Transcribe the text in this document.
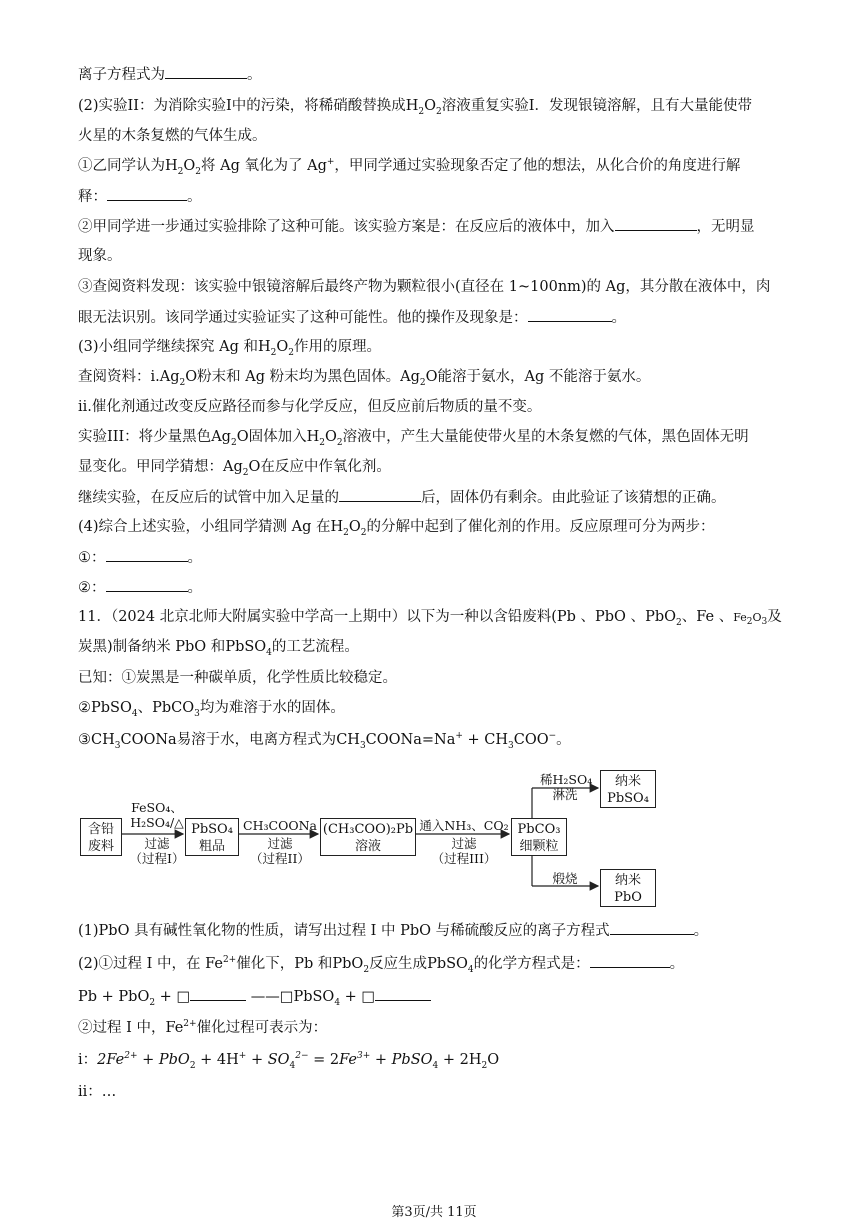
离子方程式为	。
(2)实验II：为消除实验I中的污染，将稀硝酸替换成$H_2O_2$溶液重复实验I．发现银镜溶解，且有大量能使带
火星的木条复燃的气体生成。
①乙同学认为$H_2O_2$将 Ag 氧化为了 Ag+，甲同学通过实验现象否定了他的想法，从化合价的角度进行解
释：	。
②甲同学进一步通过实验排除了这种可能。该实验方案是：在反应后的液体中，加入	，无明显
现象。
③查阅资料发现：该实验中银镜溶解后最终产物为颗粒很小(直径在 1~100nm)的 Ag，其分散在液体中，肉
眼无法识别。该同学通过实验证实了这种可能性。他的操作及现象是：	。
(3)小组同学继续探究 Ag 和$H_2O_2$作用的原理。
查阅资料：$i.Ag_2O$粉末和 Ag 粉末均为黑色固体。$Ag_2O$能溶于氨水，Ag 不能溶于氨水。
ii.催化剂通过改变反应路径而参与化学反应，但反应前后物质的量不变。
实验III：将少量黑色$Ag_2O$固体加入$H_2O_2$溶液中，产生大量能使带火星的木条复燃的气体，黑色固体无明
显变化。甲同学猜想：$Ag_2O$在反应中作氧化剂。
继续实验，在反应后的试管中加入足量的	后，固体仍有剩余。由此验证了该猜想的正确。
(4)综合上述实验，小组同学猜测 Ag 在$H_2O_2$的分解中起到了催化剂的作用。反应原理可分为两步：
①：	。
②：	。
11．（2024 北京北师大附属实验中学高一上期中）以下为一种以含铅废料(Pb 、PbO 、PbO$_2$、Fe 、$Fe_2O_3$及
炭黑)制备纳米 PbO 和PbSO$_4$的工艺流程。
已知：①炭黑是一种碳单质，化学性质比较稳定。
②PbSO$_4$、PbCO$_3$均为难溶于水的固体。
$③CH_3COONa$易溶于水，电离方程式为$CH_3COONa=Na^+ + CH_3COO^-$。
含铅
废料
FeSO₄、
H₂SO₄/△
过滤
（过程I）
PbSO₄
粗品
CH₃COONa
过滤
（过程II）
(CH₃COO)₂Pb
溶液
通入NH₃、CO₂
过滤
（过程III）
PbCO₃
细颗粒
稀H₂SO₄
淋洗
纳米
PbSO₄
煅烧	纳米
PbO
(1)PbO 具有碱性氧化物的性质，请写出过程 I 中 PbO 与稀硫酸反应的离子方程式	。
(2)①过程 I 中，在 $Fe^{2+}$催化下，Pb 和PbO$_2$反应生成PbSO$_4$的化学方程式是：	。
Pb + PbO$_2$ + □	——□PbSO$_4$ + □
②过程 I 中，$Fe^{2+}$催化过程可表示为：
i：$2Fe^{2+} + PbO_2 + 4H^+ + SO_4^{2-} = 2Fe^{3+}$ + PbSO$_4$ + $2H_2O$
ii：…
第3页/共 11页
